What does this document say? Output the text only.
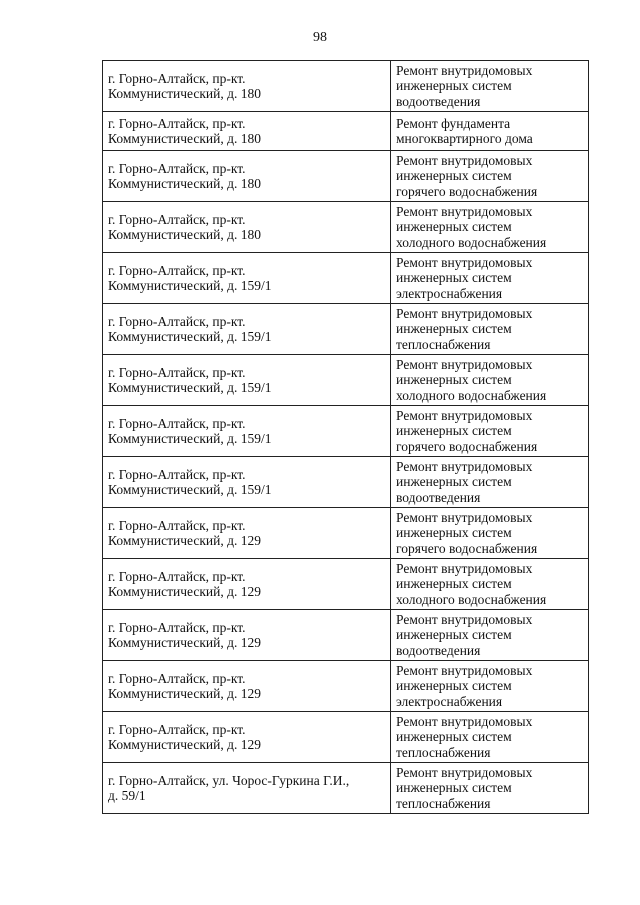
98
г. Горно-Алтайск, пр-кт.
Коммунистический, д. 180	Ремонт внутридомовых
инженерных систем
водоотведения

г. Горно-Алтайск, пр-кт.
Коммунистический, д. 180	Ремонт фундамента
многоквартирного дома

г. Горно-Алтайск, пр-кт.
Коммунистический, д. 180	Ремонт внутридомовых
инженерных систем
горячего водоснабжения

г. Горно-Алтайск, пр-кт.
Коммунистический, д. 180	Ремонт внутридомовых
инженерных систем
холодного водоснабжения

г. Горно-Алтайск, пр-кт.
Коммунистический, д. 159/1	Ремонт внутридомовых
инженерных систем
электроснабжения

г. Горно-Алтайск, пр-кт.
Коммунистический, д. 159/1	Ремонт внутридомовых
инженерных систем
теплоснабжения

г. Горно-Алтайск, пр-кт.
Коммунистический, д. 159/1	Ремонт внутридомовых
инженерных систем
холодного водоснабжения

г. Горно-Алтайск, пр-кт.
Коммунистический, д. 159/1	Ремонт внутридомовых
инженерных систем
горячего водоснабжения

г. Горно-Алтайск, пр-кт.
Коммунистический, д. 159/1	Ремонт внутридомовых
инженерных систем
водоотведения

г. Горно-Алтайск, пр-кт.
Коммунистический, д. 129	Ремонт внутридомовых
инженерных систем
горячего водоснабжения

г. Горно-Алтайск, пр-кт.
Коммунистический, д. 129	Ремонт внутридомовых
инженерных систем
холодного водоснабжения

г. Горно-Алтайск, пр-кт.
Коммунистический, д. 129	Ремонт внутридомовых
инженерных систем
водоотведения

г. Горно-Алтайск, пр-кт.
Коммунистический, д. 129	Ремонт внутридомовых
инженерных систем
электроснабжения

г. Горно-Алтайск, пр-кт.
Коммунистический, д. 129	Ремонт внутридомовых
инженерных систем
теплоснабжения

г. Горно-Алтайск, ул. Чорос-Гуркина Г.И.,
д. 59/1	Ремонт внутридомовых
инженерных систем
теплоснабжения
